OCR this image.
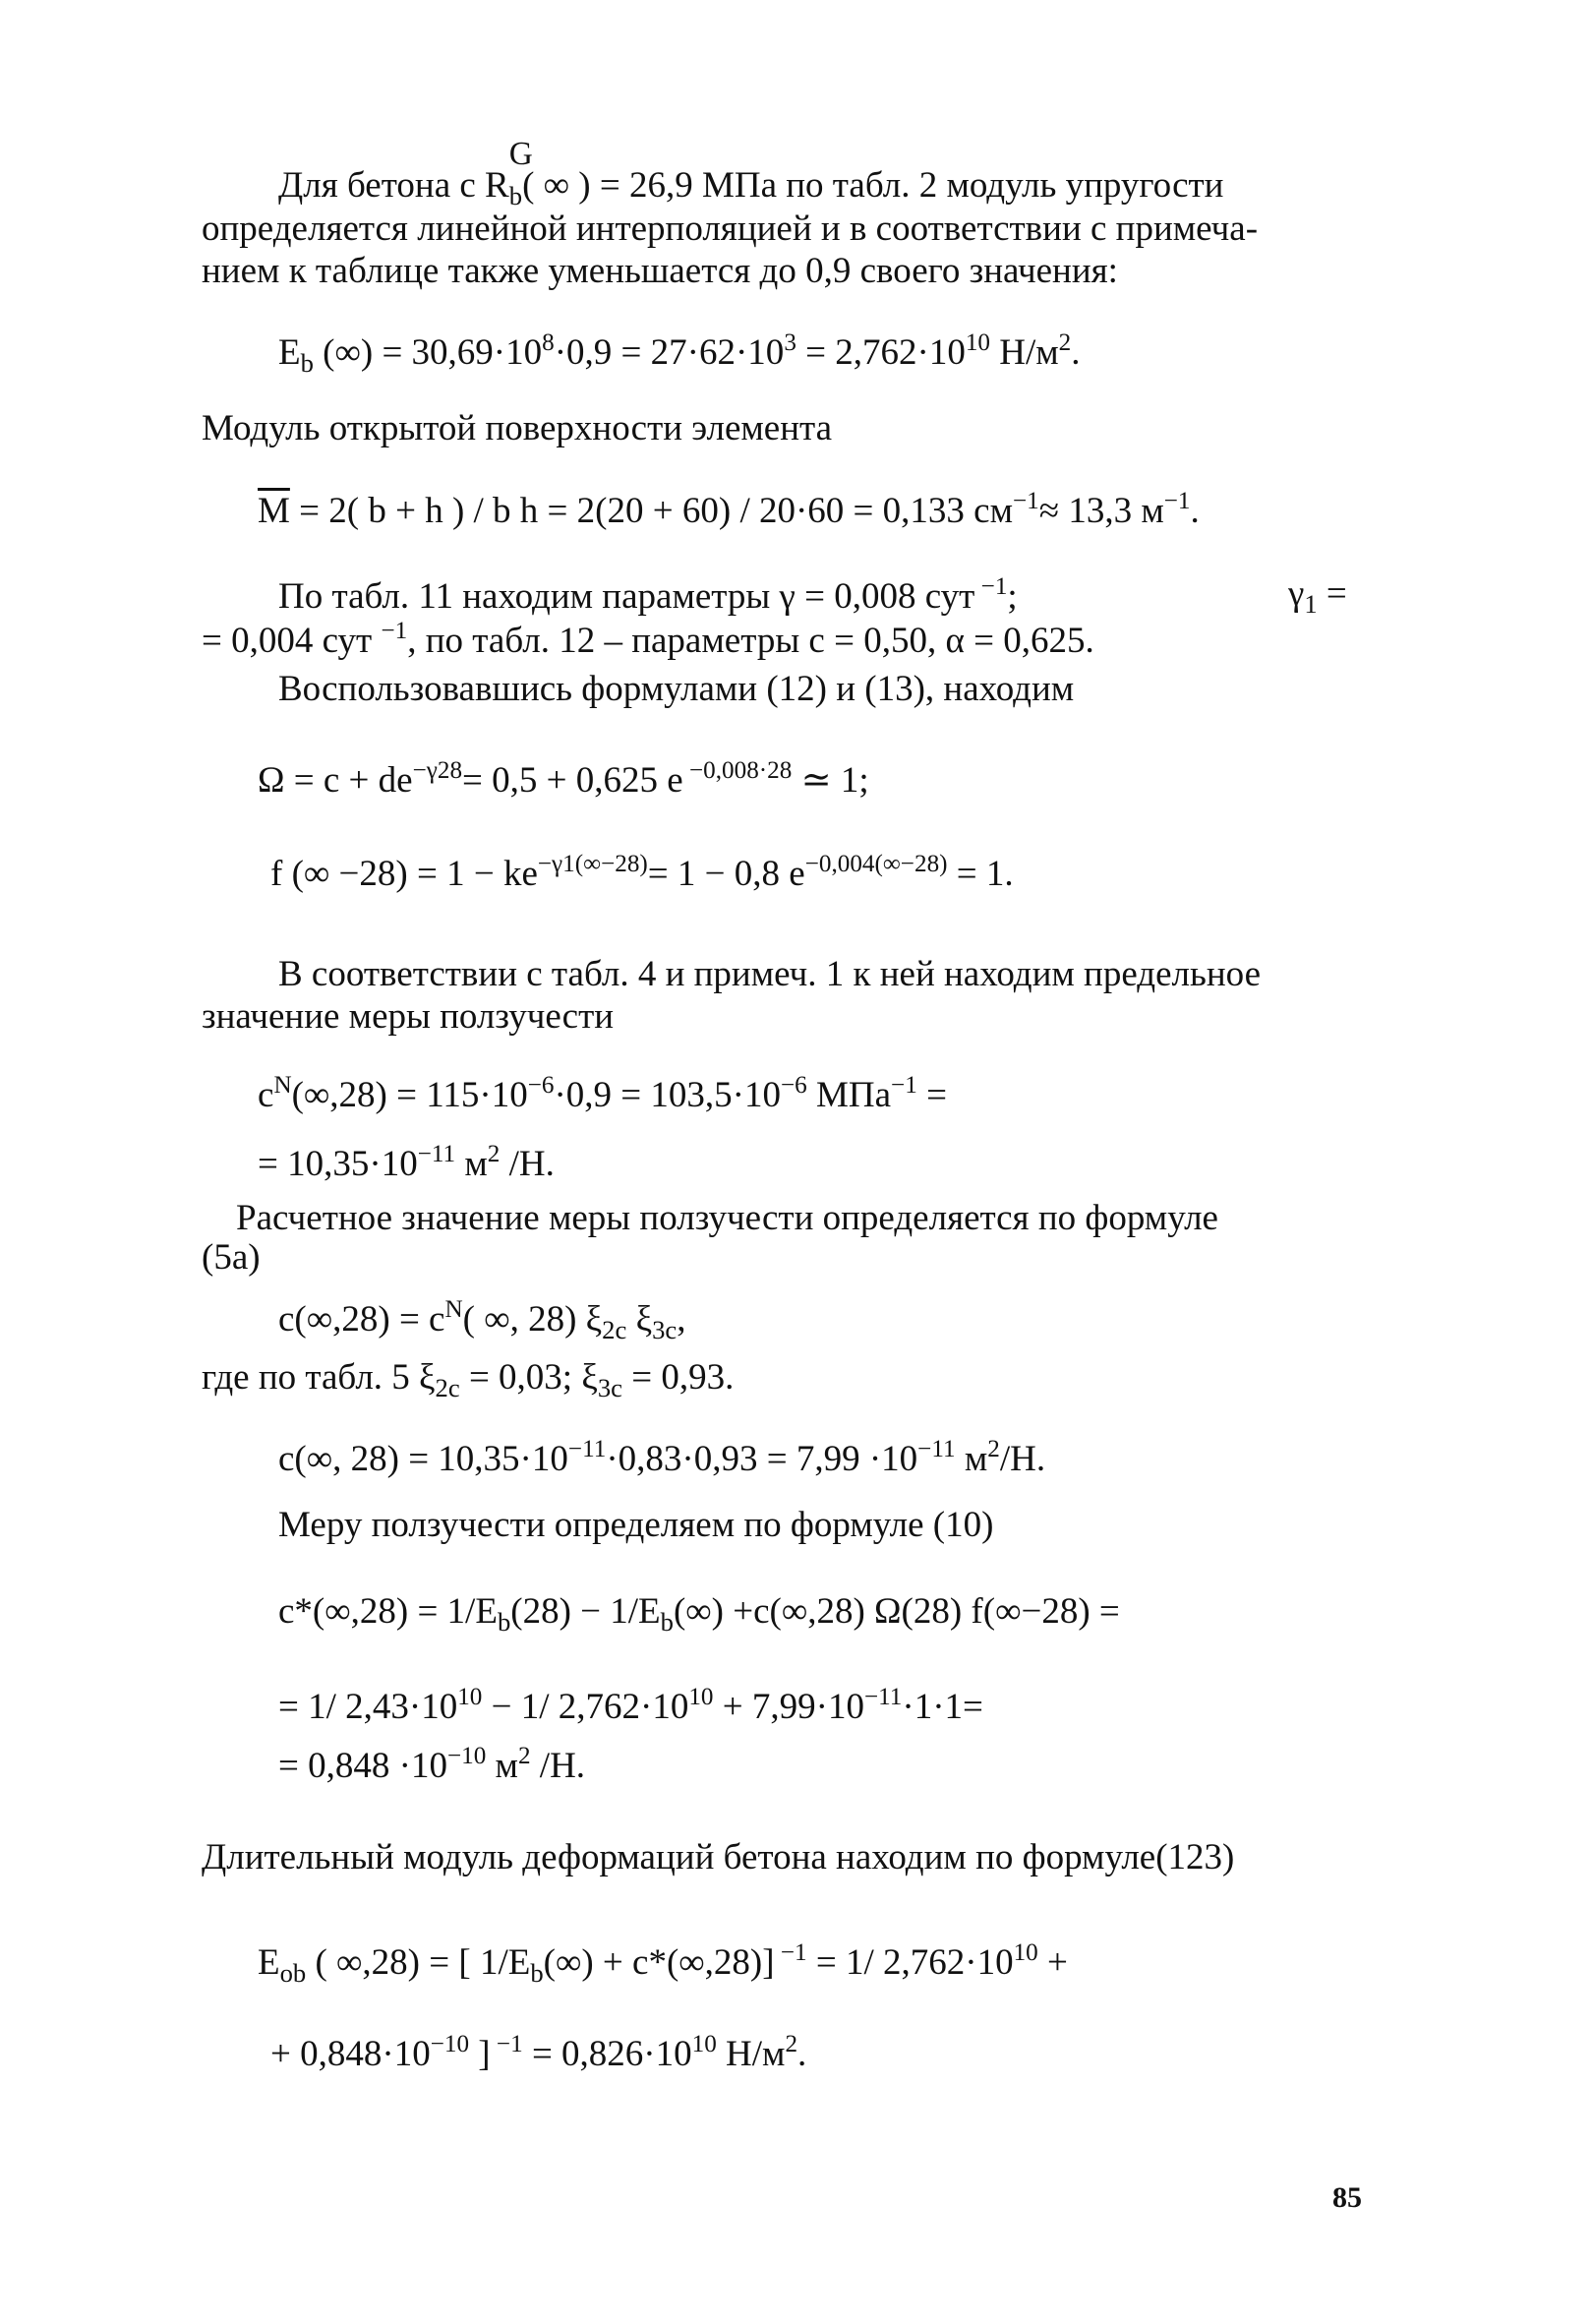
Для бетона с $R_b$
G
( ∞ ) = 26,9 МПа по табл. 2 модуль упругости
определяется линейной интерполяцией и в соответствии с примеча-
нием к таблице также уменьшается до 0,9 своего значения:
$E_b$ (∞) = $30,69\cdot 10^8\cdot 0,9 = 27\cdot 62\cdot 10^3 = 2,762\cdot 10^{10}$ $Н/м^2$.
Модуль открытой поверхности элемента
$\overline{M} = 2$( b + h ) / b h = 2(20 + 60) / 20·60 = 0,133 $см^{-1}\approx 13,3$ $м^{-1}$.
По табл. 11 находим параметры γ = 0,008 сут $^{-1}$;	$\gamma_1$ =
= 0,004 сут $^{-1}$, по табл. 12 – параметры c = 0,50, α = 0,625.
Воспользовавшись формулами (12) и (13), находим
$\Omega = c + de^{-\gamma 28}= 0,5 + 0,625$ e $^{-0,008\cdot 28}$ ≃ 1;
f (∞ $-28) = 1 - ke^{-\gamma 1(\infty-28)}= 1 - 0,8$ $e^{-0,004(\infty-28)} = 1$.
В соответствии с табл. 4 и примеч. 1 к ней находим предельное
значение меры ползучести
$c^N(\infty,28) = 115\cdot 10^{-6}\cdot 0,9 = 103,5\cdot 10^{-6}$ МПа$^{-1}$ =
= $10,35\cdot 10^{-11}$ $м^2$ /Н.
Расчетное значение меры ползучести определяется по формуле
(5а)
$c(\infty,28) = c^N$( ∞, 28) $\xi_{2c}$ $\xi_{3c}$,
где по табл. 5 $\xi_{2c} = 0,03$; $\xi_{3c} = 0,93$.
c(∞, $28) = 10,35\cdot 10^{-11}\cdot 0,83\cdot 0,93 = 7,99 \cdot 10^{-11}$ $м^2/Н$.
Меру ползучести определяем по формуле (10)
$c*(\infty,28) = 1/E_b(28) - 1/E_b(\infty) +c(\infty,28)$ Ω(28) f(∞−28) =
= 1/ $2,43\cdot 10^{10} - 1/$ $2,762\cdot 10^{10} + 7,99\cdot 10^{-11}\cdot 1\cdot 1=$
= $0,848 \cdot 10^{-10}$ $м^2$ /Н.
Длительный модуль деформаций бетона находим по формуле(123)
$E_{ob}$ ( ∞,28) = [ $1/E_b(\infty) + c*(\infty,28)$] $^{-1}$ = 1/ $2,762\cdot 10^{10}$ +
+ $0,848\cdot 10^{-10}$ ] $^{-1} = 0,826\cdot 10^{10}$ $Н/м^2$.
85
